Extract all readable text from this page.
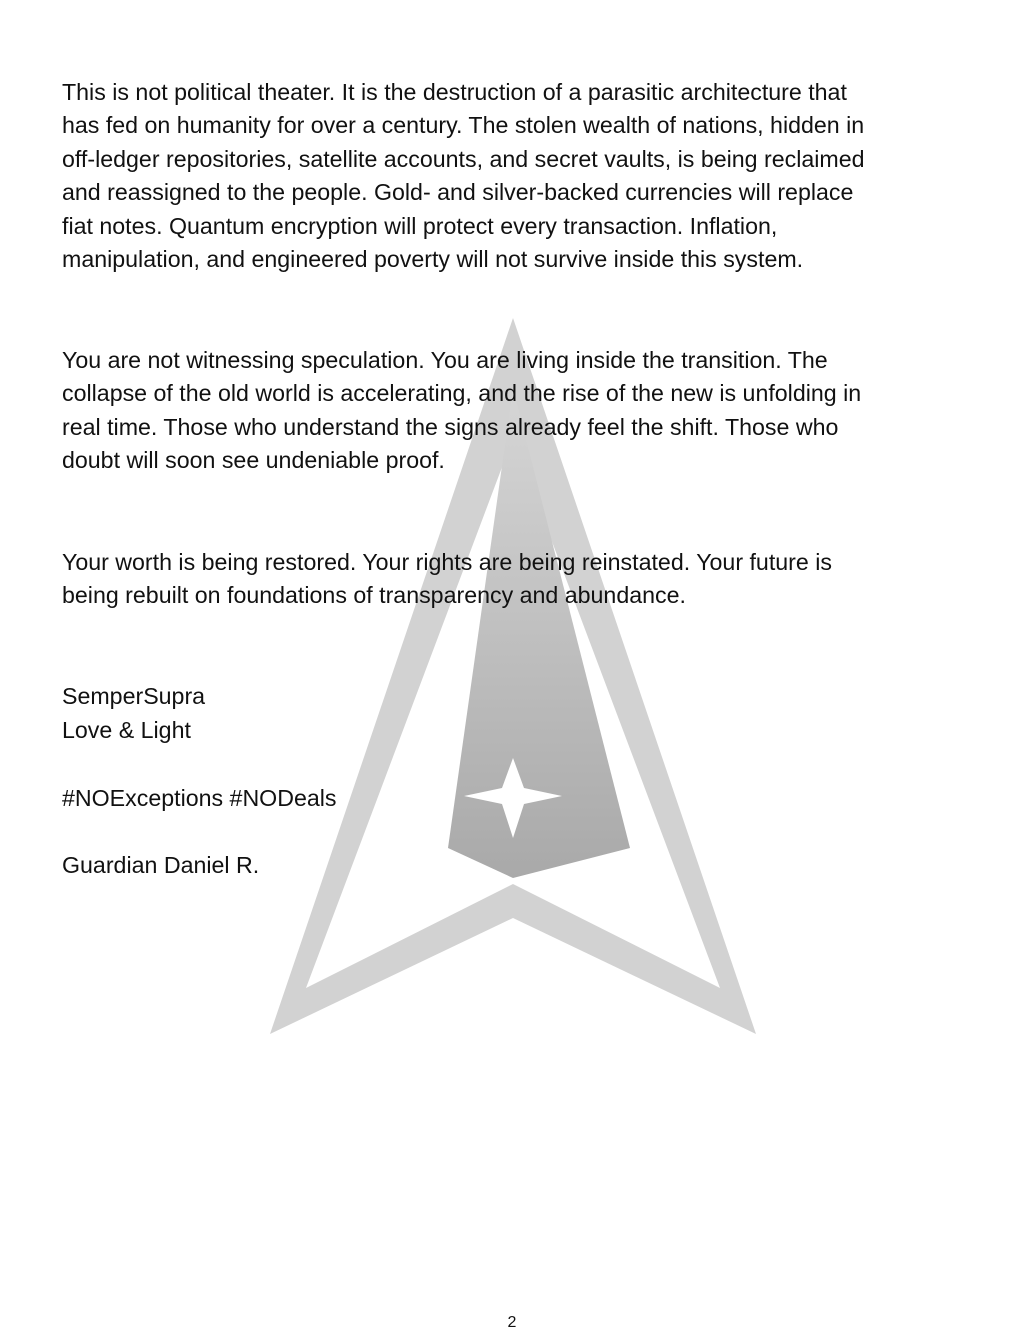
This is not political theater. It is the destruction of a parasitic architecture that
has fed on humanity for over a century. The stolen wealth of nations, hidden in
off-ledger repositories, satellite accounts, and secret vaults, is being reclaimed
and reassigned to the people. Gold- and silver-backed currencies will replace
fiat notes. Quantum encryption will protect every transaction. Inflation,
manipulation, and engineered poverty will not survive inside this system.

You are not witnessing speculation. You are living inside the transition. The
collapse of the old world is accelerating, and the rise of the new is unfolding in
real time. Those who understand the signs already feel the shift. Those who
doubt will soon see undeniable proof.

Your worth is being restored. Your rights are being reinstated. Your future is
being rebuilt on foundations of transparency and abundance.

SemperSupra
Love & Light
#NOExceptions #NODeals
Guardian Daniel R.
2
